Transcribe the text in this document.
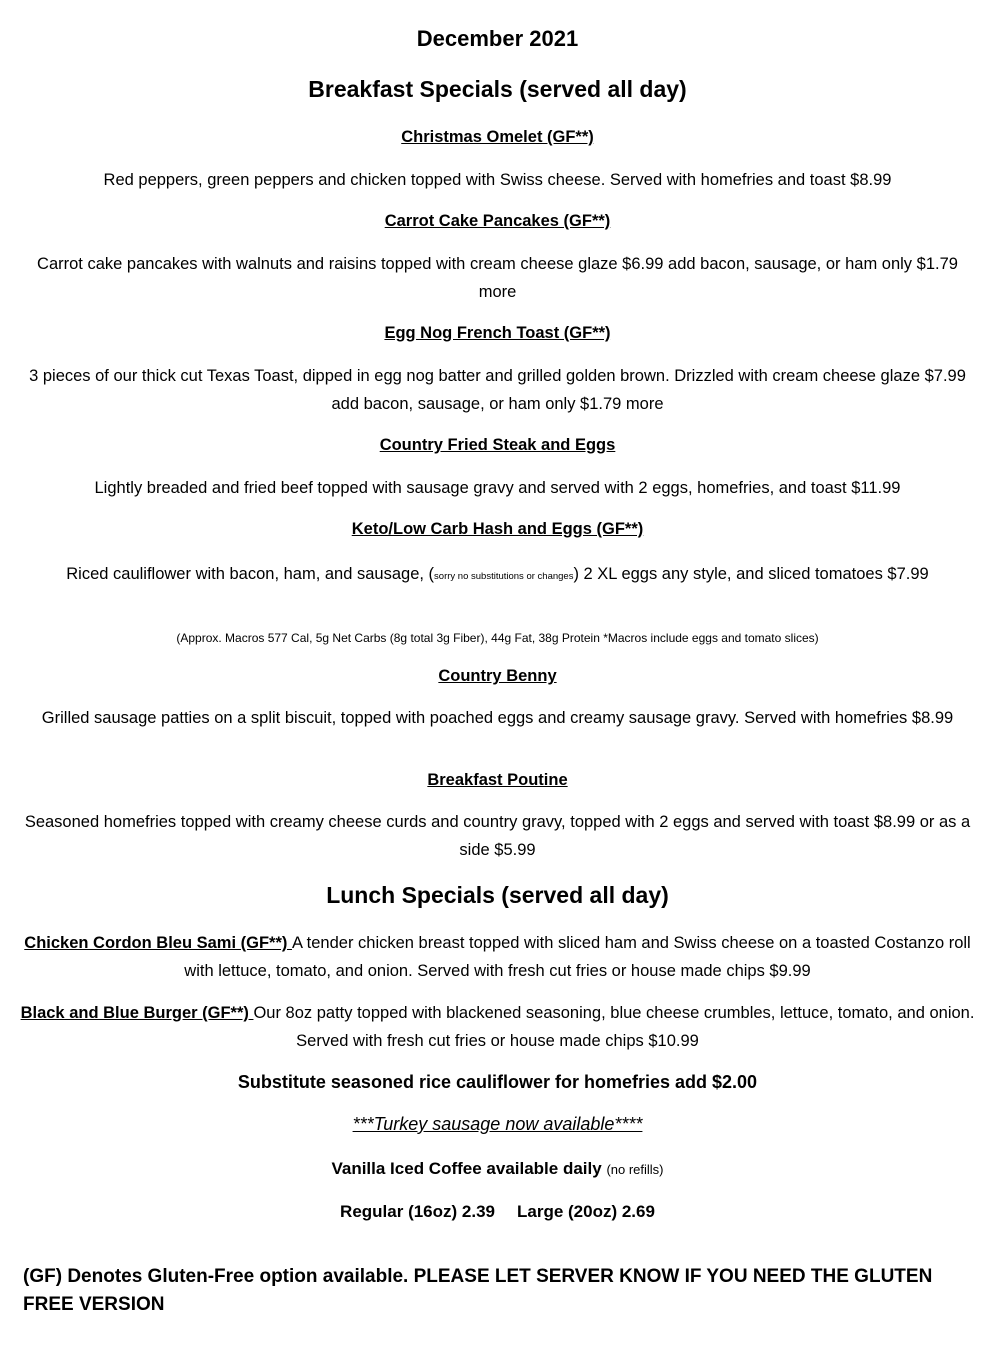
December 2021
Breakfast Specials (served all day)

Christmas Omelet (GF**)

Red peppers, green peppers and chicken topped with Swiss cheese. Served with homefries and toast $8.99

Carrot Cake Pancakes (GF**)

Carrot cake pancakes with walnuts and raisins topped with cream cheese glaze $6.99 add bacon, sausage, or ham only $1.79 more

Egg Nog French Toast (GF**)

3 pieces of our thick cut Texas Toast, dipped in egg nog batter and grilled golden brown. Drizzled with cream cheese glaze $7.99 add bacon, sausage, or ham only $1.79 more

Country Fried Steak and Eggs

Lightly breaded and fried beef topped with sausage gravy and served with 2 eggs, homefries, and toast $11.99

Keto/Low Carb Hash and Eggs (GF**)

Riced cauliflower with bacon, ham, and sausage, (sorry no substitutions or changes) 2 XL eggs any style, and sliced tomatoes $7.99

(Approx. Macros 577 Cal, 5g Net Carbs (8g total 3g Fiber), 44g Fat, 38g Protein *Macros include eggs and tomato slices)

Country Benny

Grilled sausage patties on a split biscuit, topped with poached eggs and creamy sausage gravy. Served with homefries $8.99

Breakfast Poutine

Seasoned homefries topped with creamy cheese curds and country gravy, topped with 2 eggs and served with toast $8.99 or as a side $5.99

Lunch Specials (served all day)

Chicken Cordon Bleu Sami (GF**) A tender chicken breast topped with sliced ham and Swiss cheese on a toasted Costanzo roll with lettuce, tomato, and onion. Served with fresh cut fries or house made chips $9.99

Black and Blue Burger (GF**) Our 8oz patty topped with blackened seasoning, blue cheese crumbles, lettuce, tomato, and onion. Served with fresh cut fries or house made chips $10.99

Substitute seasoned rice cauliflower for homefries add $2.00

***Turkey sausage now available****

Vanilla Iced Coffee available daily (no refills)

Regular (16oz) 2.39 Large (20oz) 2.69

(GF) Denotes Gluten-Free option available. PLEASE LET SERVER KNOW IF YOU NEED THE GLUTEN FREE VERSION
